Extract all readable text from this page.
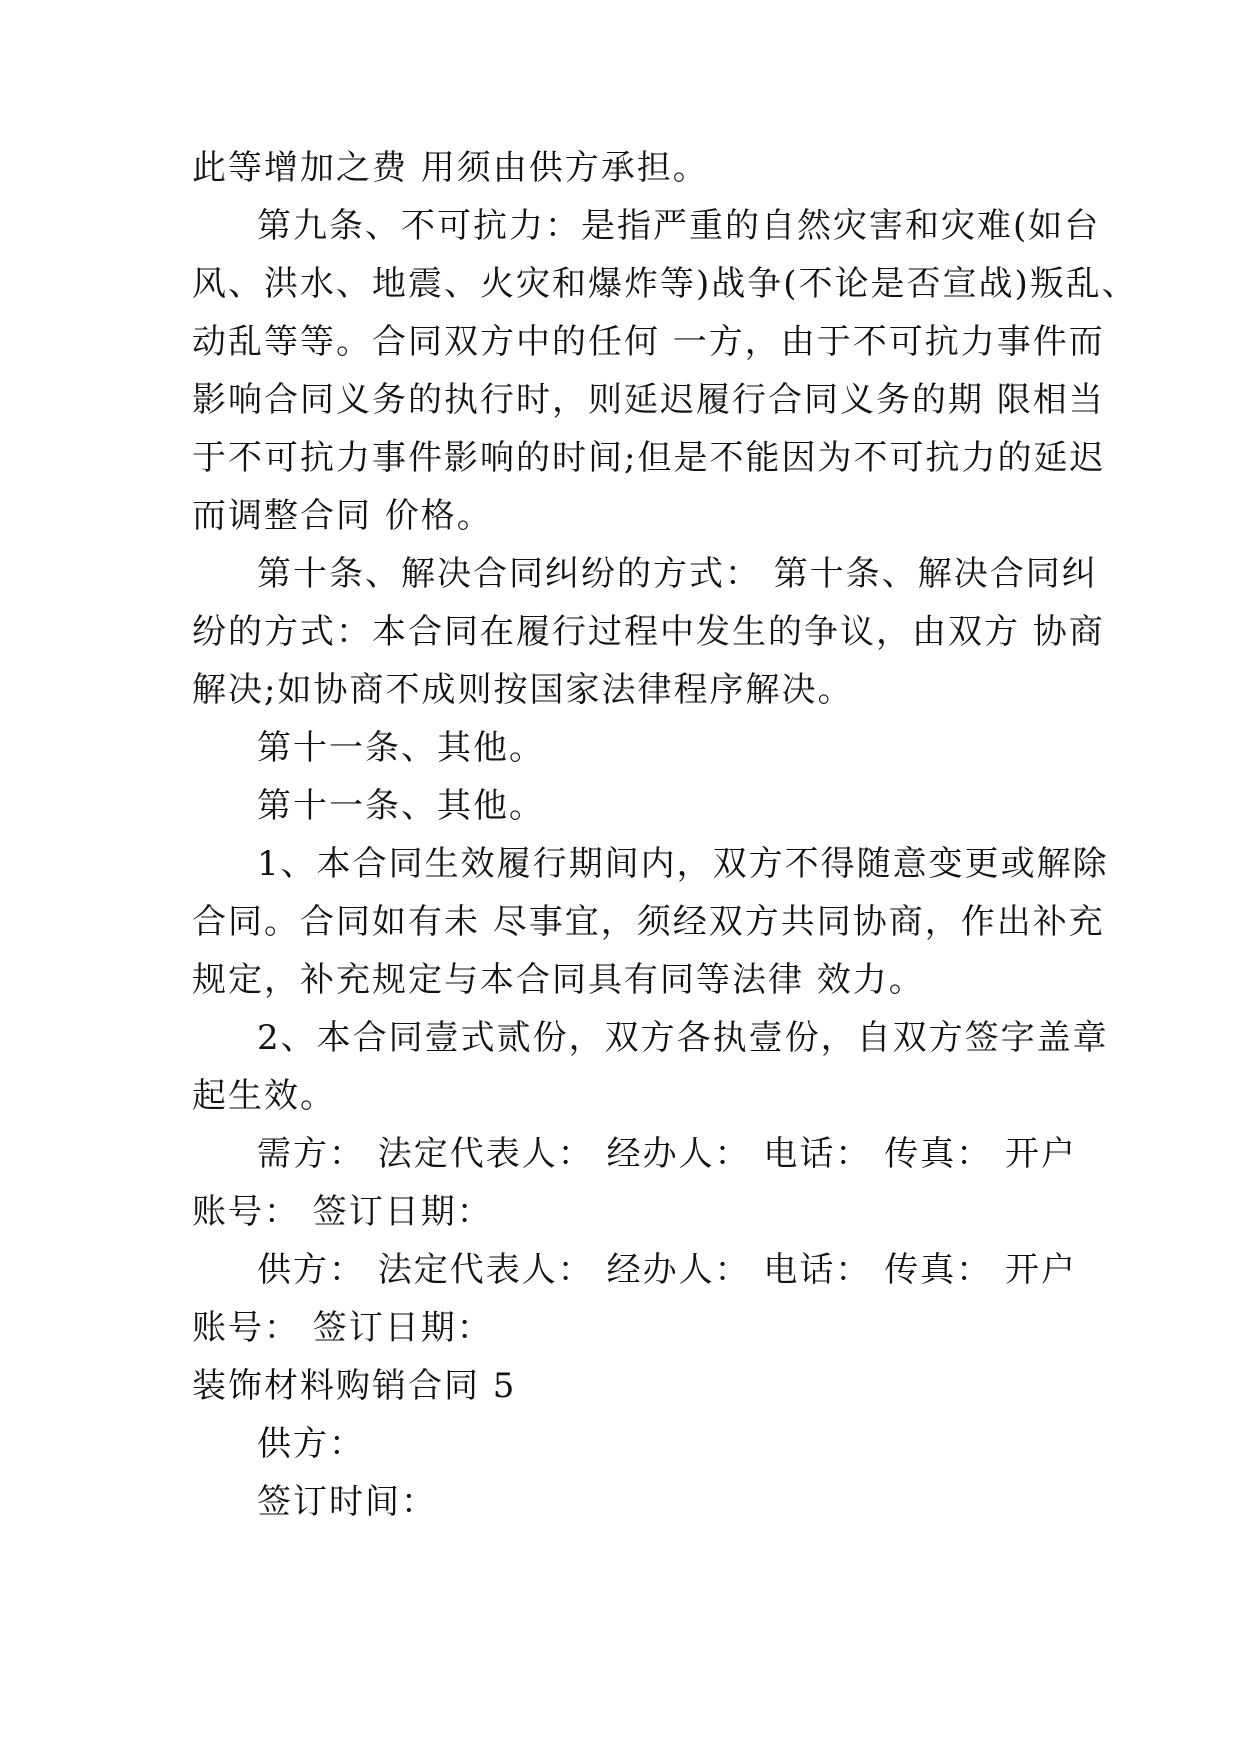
此等增加之费 用须由供方承担。
第九条、不可抗力：是指严重的自然灾害和灾难(如台
风、洪水、地震、火灾和爆炸等)战争(不论是否宣战)叛乱、
动乱等等。合同双方中的任何 一方，由于不可抗力事件而
影响合同义务的执行时，则延迟履行合同义务的期 限相当
于不可抗力事件影响的时间;但是不能因为不可抗力的延迟
而调整合同 价格。
第十条、解决合同纠纷的方式： 第十条、解决合同纠
纷的方式：本合同在履行过程中发生的争议，由双方 协商
解决;如协商不成则按国家法律程序解决。
第十一条、其他。
第十一条、其他。
1、本合同生效履行期间内，双方不得随意变更或解除
合同。合同如有未 尽事宜，须经双方共同协商，作出补充
规定，补充规定与本合同具有同等法律 效力。
2、本合同壹式贰份，双方各执壹份，自双方签字盖章
起生效。
需方： 法定代表人： 经办人： 电话： 传真： 开户
账号： 签订日期：
供方： 法定代表人： 经办人： 电话： 传真： 开户
账号： 签订日期：
装饰材料购销合同 5
供方：
签订时间：
